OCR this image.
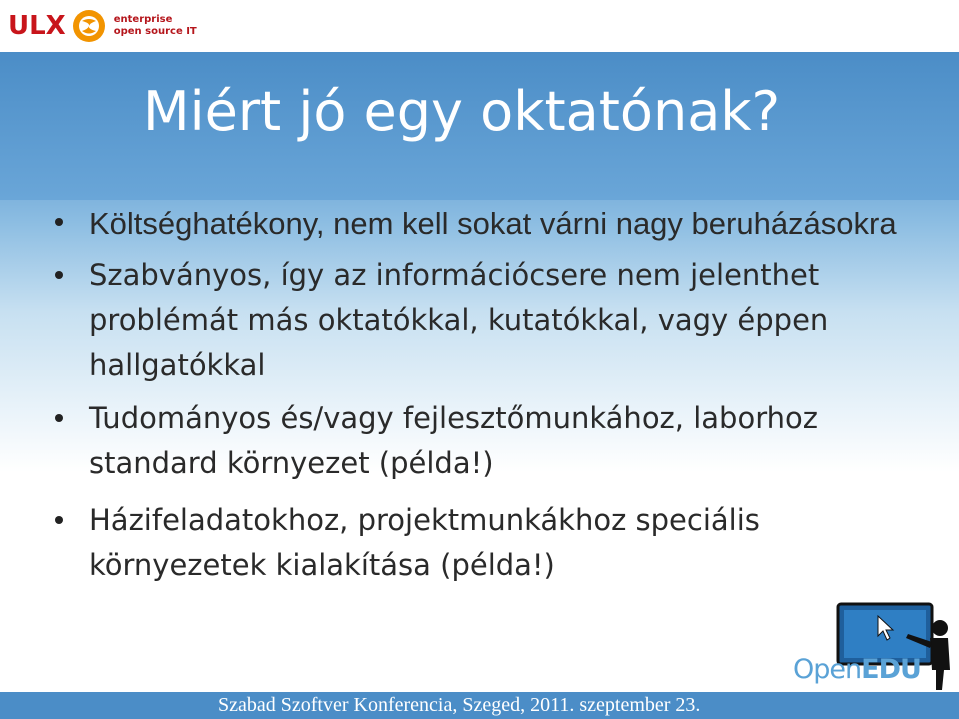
ULX	enterprise
open source IT
Miért jó egy oktatónak?
Költséghatékony, nem kell sokat várni nagy beruházásokra
Szabványos, így az információcsere nem jelenthet problémát más oktatókkal, kutatókkal, vagy éppen hallgatókkal
Tudományos és/vagy fejlesztőmunkához, laborhoz standard környezet (példa!)
Házifeladatokhoz, projektmunkákhoz speciális környezetek kialakítása (példa!)
OpenEDU
Szabad Szoftver Konferencia, Szeged, 2011. szeptember 23.
